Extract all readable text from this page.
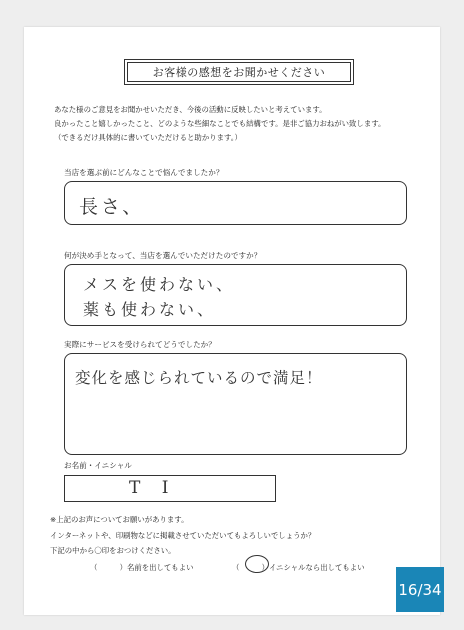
お客様の感想をお聞かせください
あなた様のご意見をお聞かせいただき、今後の活動に反映したいと考えています。
良かったこと嬉しかったこと、どのような些細なことでも結構です。是非ご協力おねがい致します。
（できるだけ具体的に書いていただけると助かります。）
当店を選ぶ前にどんなことで悩んでましたか？
長さ、
何が決め手となって、当店を選んでいただけたのですか？
メスを使わない、
薬も使わない、
実際にサービスを受けられてどうでしたか？
変化を感じられているので満足！
お名前・イニシャル
T I
※上記のお声についてお願いがあります。
インターネットや、印刷物などに掲載させていただいてもよろしいでしょうか？
下記の中から〇印をおつけください。
（　　　）名前を出してもよい	（　　　）イニシャルなら出してもよい
16/34
